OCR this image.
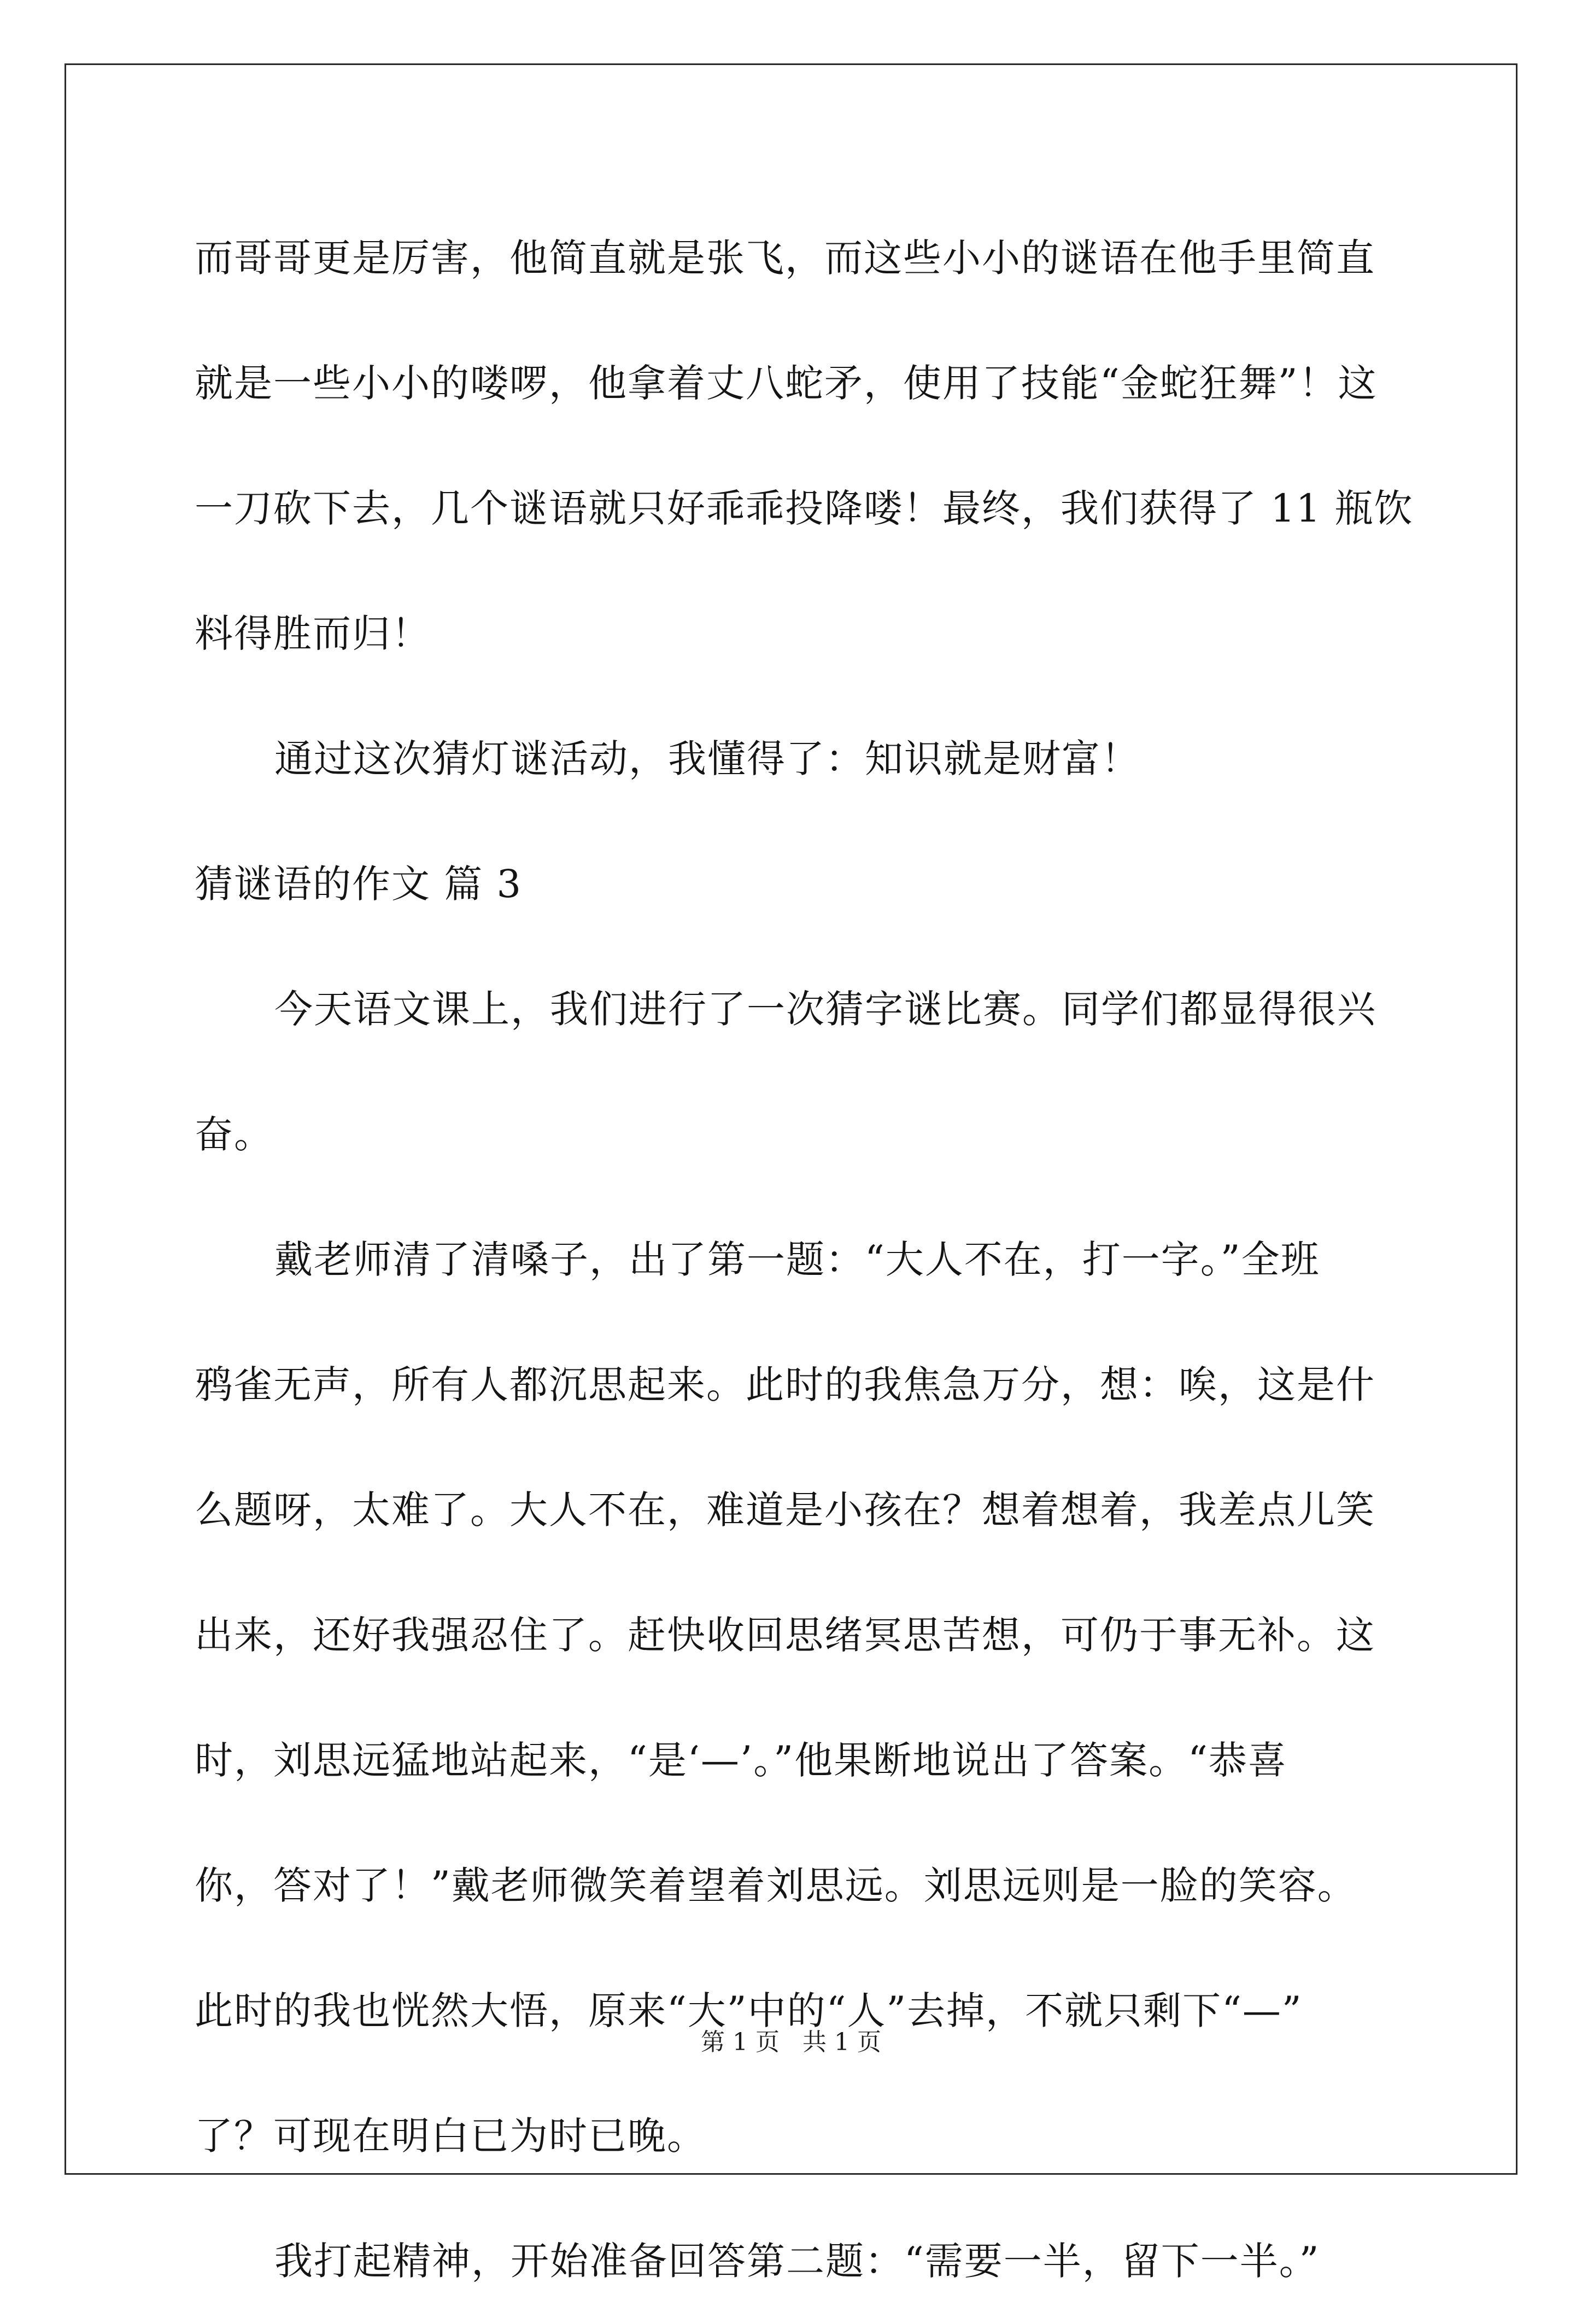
而哥哥更是厉害，他简直就是张飞，而这些小小的谜语在他手里简直
就是一些小小的喽啰，他拿着丈八蛇矛，使用了技能“金蛇狂舞”！这
一刀砍下去，几个谜语就只好乖乖投降喽！最终，我们获得了 11 瓶饮
料得胜而归！
通过这次猜灯谜活动，我懂得了：知识就是财富！
猜谜语的作文 篇 3
今天语文课上，我们进行了一次猜字谜比赛。同学们都显得很兴
奋。
戴老师清了清嗓子，出了第一题：“大人不在，打一字。”全班
鸦雀无声，所有人都沉思起来。此时的我焦急万分，想：唉，这是什
么题呀，太难了。大人不在，难道是小孩在？想着想着，我差点儿笑
出来，还好我强忍住了。赶快收回思绪冥思苦想，可仍于事无补。这
时，刘思远猛地站起来，“是‘—’。”他果断地说出了答案。“恭喜
你，答对了！”戴老师微笑着望着刘思远。刘思远则是一脸的笑容。
此时的我也恍然大悟，原来“大”中的“人”去掉，不就只剩下“—”
了？可现在明白已为时已晚。
我打起精神，开始准备回答第二题：“需要一半，留下一半。”
第 1 页 共 1 页
